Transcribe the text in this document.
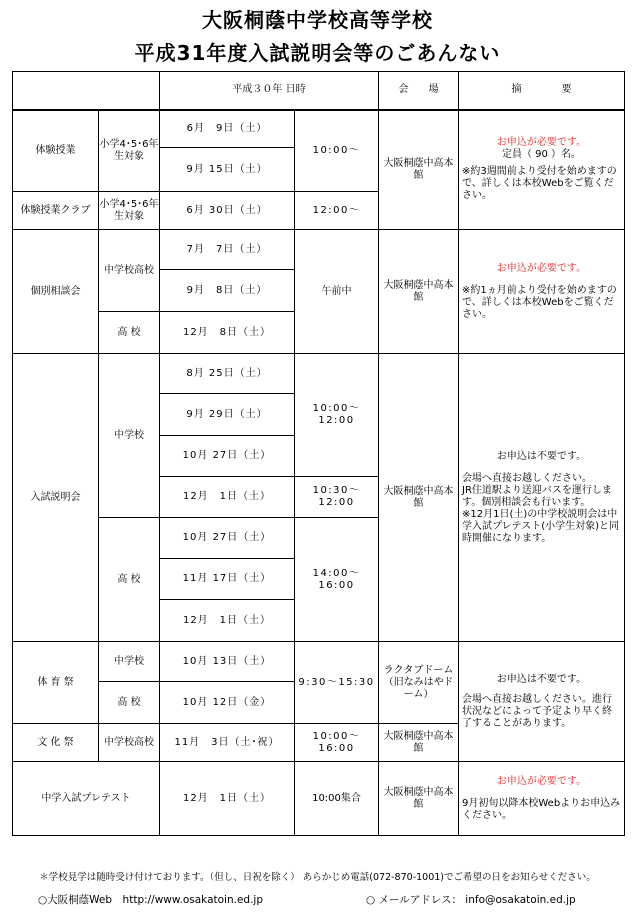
大阪桐蔭中学校高等学校
平成31年度入試説明会等のごあんない
		平成３０年 日時		会　　場	摘　　　　要
体験授業	小学4･5･6年生対象	6月　9日（土）	10:00～	大阪桐蔭中高本館	お申込が必要です。
定員（ 90 ）名。
※約3週間前より受付を始めますので、詳しくは本校Webをご覧ください。

		9月 15日（土）			
体験授業クラブ	小学4･5･6年生対象	6月 30日（土）	12:00～		
個別相談会	中学校高校	7月　7日（土）	午前中	大阪桐蔭中高本館	お申込が必要です。
※約1ヵ月前より受付を始めますので、詳しくは本校Webをご覧ください。

		9月　8日（土）			
	高 校	12月　8日（土）			
入試説明会	中学校	8月 25日（土）	10:00～12:00	大阪桐蔭中高本館	お申込は不要です。
会場へ直接お越しください。
JR住道駅より送迎バスを運行します。個別相談会も行います。
※12月1日(土)の中学校説明会は中学入試プレテスト(小学生対象)と同時開催になります。

		9月 29日（土）			
		10月 27日（土）			
		12月　1日（土）	10:30～12:00		
	高 校	10月 27日（土）	14:00～16:00		
		11月 17日（土）			
		12月　1日（土）			
体 育 祭	中学校	10月 13日（土）	9:30～15:30	ラクタブドーム（旧なみはやドーム）	お申込は不要です。
会場へ直接お越しください。進行状況などによって予定より早く終了することがあります。

	高 校	10月 12日（金）			
文 化 祭	中学校高校	11月　3日（土･祝）	10:00～16:00	大阪桐蔭中高本館	
中学入試プレテスト		12月　1日（土）	10:00集合	大阪桐蔭中高本館	お申込が必要です。
9月初旬以降本校Webよりお申込みください。
＊学校見学は随時受け付けております。（但し、日祝を除く） あらかじめ電話(072-870-1001)でご希望の日をお知らせください。
○大阪桐蔭Web　http://www.osakatoin.ed.jp	○ メールアドレス： info@osakatoin.ed.jp
